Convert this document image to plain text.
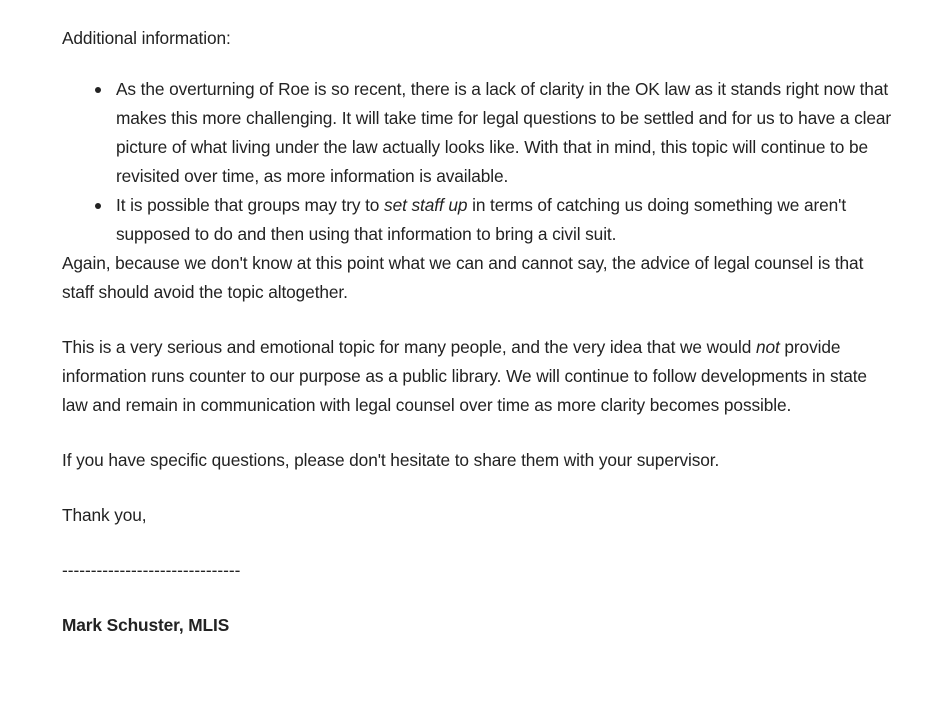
Additional information:

As the overturning of Roe is so recent, there is a lack of clarity in the OK law as it stands right now that makes this more challenging. It will take time for legal questions to be settled and for us to have a clear picture of what living under the law actually looks like. With that in mind, this topic will continue to be revisited over time, as more information is available.
It is possible that groups may try to set staff up in terms of catching us doing something we aren't supposed to do and then using that information to bring a civil suit.

Again, because we don't know at this point what we can and cannot say, the advice of legal counsel is that staff should avoid the topic altogether.

This is a very serious and emotional topic for many people, and the very idea that we would not provide information runs counter to our purpose as a public library. We will continue to follow developments in state law and remain in communication with legal counsel over time as more clarity becomes possible.

If you have specific questions, please don't hesitate to share them with your supervisor.

Thank you,

-------------------------------

Mark Schuster, MLIS
